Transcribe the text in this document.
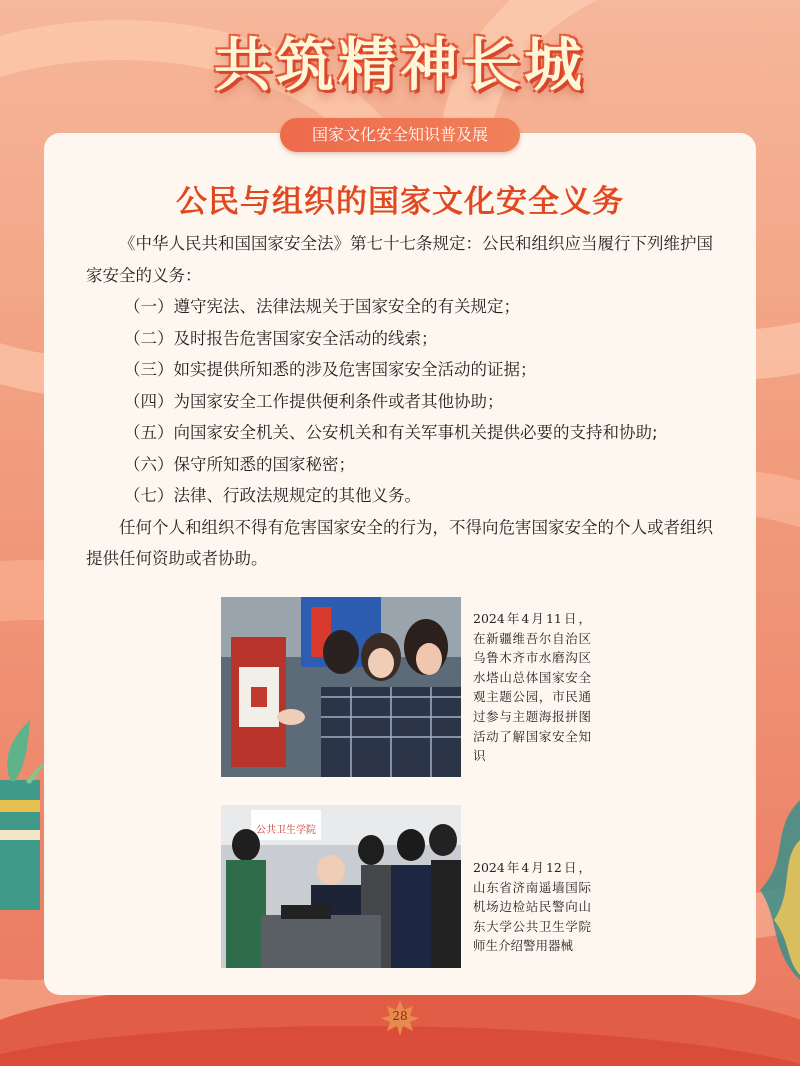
共筑精神长城
国家文化安全知识普及展
公民与组织的国家文化安全义务

《中华人民共和国国家安全法》第七十七条规定：公民和组织应当履行下列维护国家安全的义务：

（一）遵守宪法、法律法规关于国家安全的有关规定；

（二）及时报告危害国家安全活动的线索；

（三）如实提供所知悉的涉及危害国家安全活动的证据；

（四）为国家安全工作提供便利条件或者其他协助；

（五）向国家安全机关、公安机关和有关军事机关提供必要的支持和协助;

（六）保守所知悉的国家秘密；

（七）法律、行政法规规定的其他义务。

任何个人和组织不得有危害国家安全的行为，不得向危害国家安全的个人或者组织提供任何资助或者协助。

2024年4月11日，在新疆维吾尔自治区乌鲁木齐市水磨沟区水塔山总体国家安全观主题公园，市民通过参与主题海报拼图活动了解国家安全知识
公共卫生学院
2024年4月12日，山东省济南遥墙国际机场边检站民警向山东大学公共卫生学院师生介绍警用器械
28
